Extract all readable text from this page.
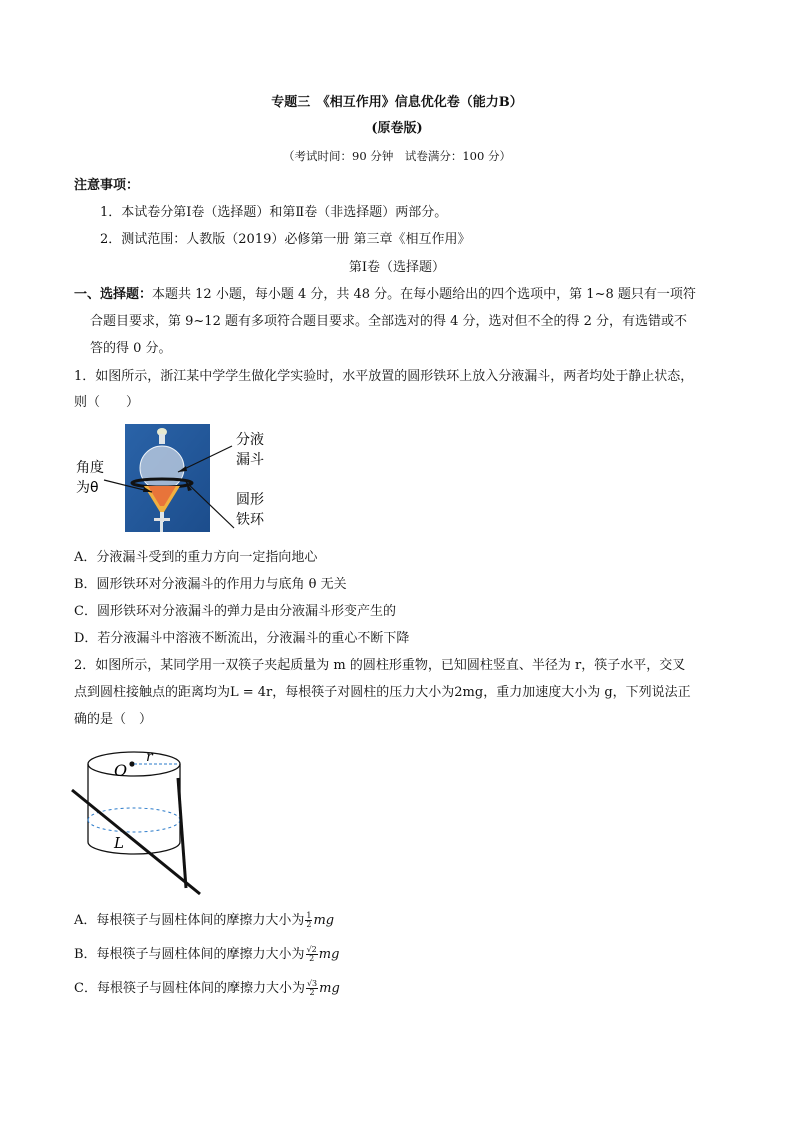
专题三　《相互作用》信息优化卷（能力B）
(原卷版)
（考试时间：90 分钟　试卷满分：100 分）
注意事项：
1．本试卷分第Ⅰ卷（选择题）和第Ⅱ卷（非选择题）两部分。
2．测试范围：人教版（2019）必修第一册 第三章《相互作用》
第Ⅰ卷（选择题）
一、选择题：本题共 12 小题，每小题 4 分，共 48 分。在每小题给出的四个选项中，第 1~8 题只有一项符
合题目要求，第 9~12 题有多项符合题目要求。全部选对的得 4 分，选对但不全的得 2 分，有选错或不
答的得 0 分。
1．如图所示，浙江某中学学生做化学实验时，水平放置的圆形铁环上放入分液漏斗，两者均处于静止状态，
则（　　）
分液
漏斗
角度
为θ
圆形
铁环
A．分液漏斗受到的重力方向一定指向地心
B．圆形铁环对分液漏斗的作用力与底角 θ 无关
C．圆形铁环对分液漏斗的弹力是由分液漏斗形变产生的
D．若分液漏斗中溶液不断流出，分液漏斗的重心不断下降
2．如图所示，某同学用一双筷子夹起质量为 m 的圆柱形重物，已知圆柱竖直、半径为 r，筷子水平，交叉
点到圆柱接触点的距离均为L = 4r，每根筷子对圆柱的压力大小为2mg，重力加速度大小为 g，下列说法正
确的是（　）
O
r
L
A．每根筷子与圆柱体间的摩擦力大小为 $\frac{1}{2}$ mg
B．每根筷子与圆柱体间的摩擦力大小为 $\frac{√2}{2}$ mg
C．每根筷子与圆柱体间的摩擦力大小为 $\frac{√3}{2}$ mg
